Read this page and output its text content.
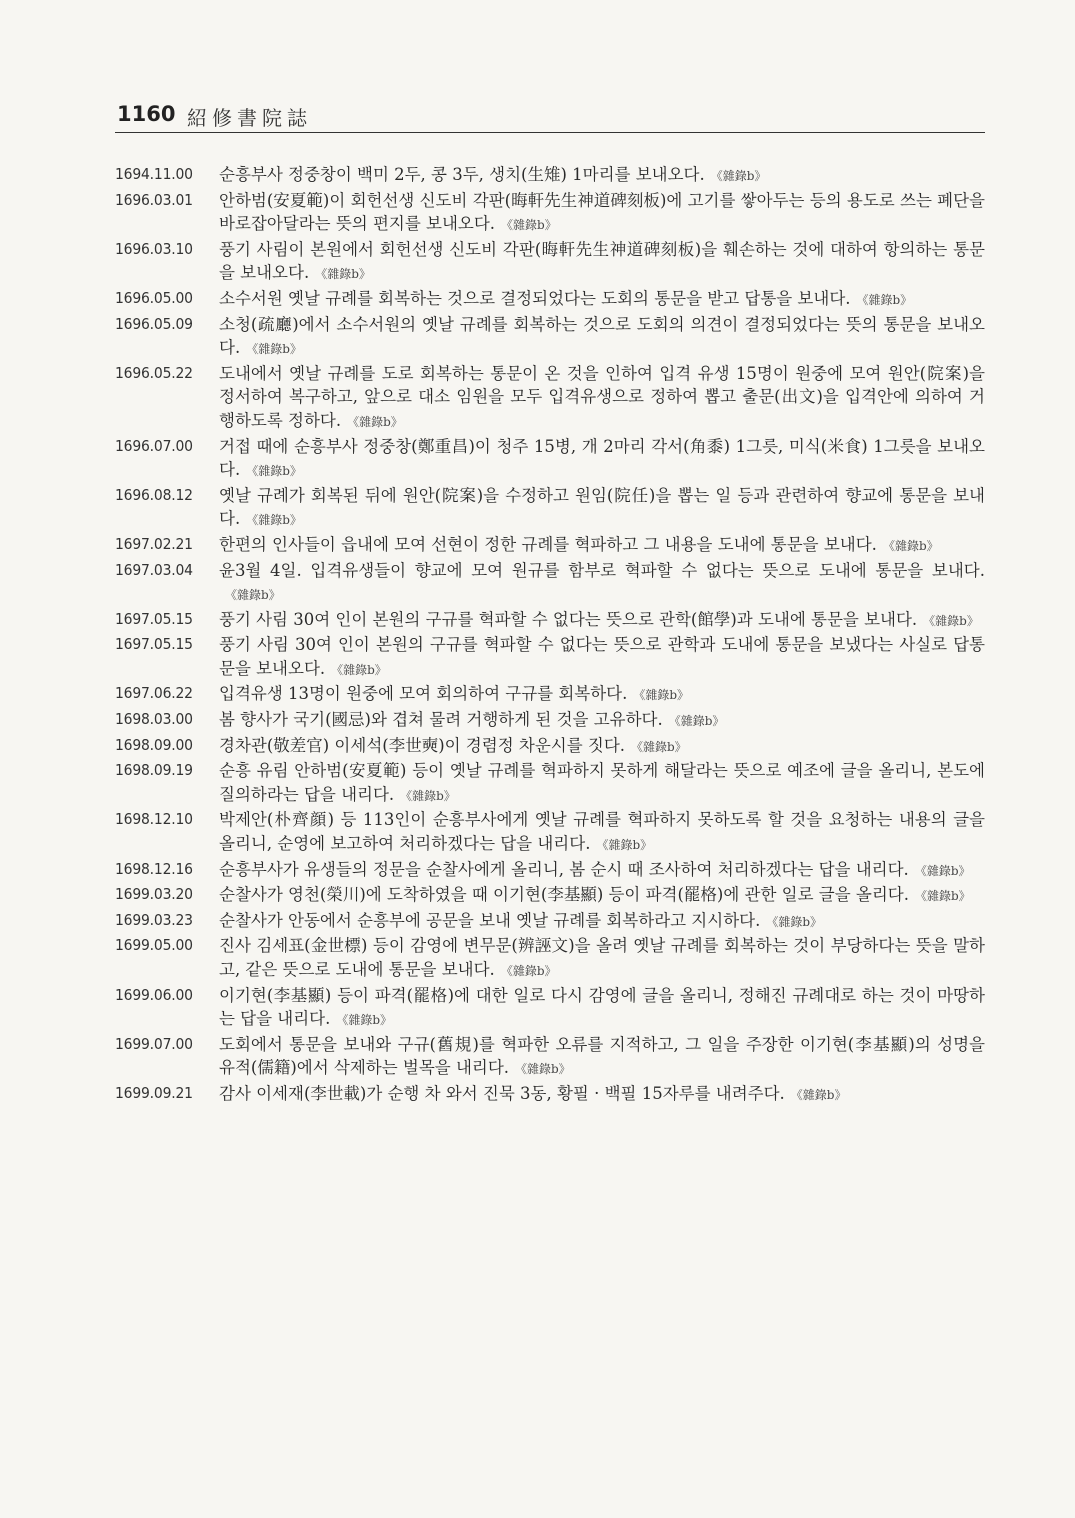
1160 紹修書院誌
1694.11.00	순흥부사 정중창이 백미 2두, 콩 3두, 생치(生雉) 1마리를 보내오다. 《雜錄b》
1696.03.01	안하범(安夏範)이 회헌선생 신도비 각판(晦軒先生神道碑刻板)에 고기를 쌓아두는 등의 용도로 쓰는 폐단을 바로잡아달라는 뜻의 편지를 보내오다. 《雜錄b》
1696.03.10	풍기 사림이 본원에서 회헌선생 신도비 각판(晦軒先生神道碑刻板)을 훼손하는 것에 대하여 항의하는 통문을 보내오다. 《雜錄b》
1696.05.00	소수서원 옛날 규례를 회복하는 것으로 결정되었다는 도회의 통문을 받고 답통을 보내다. 《雜錄b》
1696.05.09	소청(疏廳)에서 소수서원의 옛날 규례를 회복하는 것으로 도회의 의견이 결정되었다는 뜻의 통문을 보내오다. 《雜錄b》
1696.05.22	도내에서 옛날 규례를 도로 회복하는 통문이 온 것을 인하여 입격 유생 15명이 원중에 모여 원안(院案)을 정서하여 복구하고, 앞으로 대소 임원을 모두 입격유생으로 정하여 뽑고 출문(出文)을 입격안에 의하여 거행하도록 정하다. 《雜錄b》
1696.07.00	거접 때에 순흥부사 정중창(鄭重昌)이 청주 15병, 개 2마리 각서(角黍) 1그릇, 미식(米食) 1그릇을 보내오다. 《雜錄b》
1696.08.12	옛날 규례가 회복된 뒤에 원안(院案)을 수정하고 원임(院任)을 뽑는 일 등과 관련하여 향교에 통문을 보내다. 《雜錄b》
1697.02.21	한편의 인사들이 읍내에 모여 선현이 정한 규례를 혁파하고 그 내용을 도내에 통문을 보내다. 《雜錄b》
1697.03.04	윤3월 4일. 입격유생들이 향교에 모여 원규를 함부로 혁파할 수 없다는 뜻으로 도내에 통문을 보내다.《雜錄b》
1697.05.15	풍기 사림 30여 인이 본원의 구규를 혁파할 수 없다는 뜻으로 관학(館學)과 도내에 통문을 보내다. 《雜錄b》
1697.05.15	풍기 사림 30여 인이 본원의 구규를 혁파할 수 없다는 뜻으로 관학과 도내에 통문을 보냈다는 사실로 답통문을 보내오다. 《雜錄b》
1697.06.22	입격유생 13명이 원중에 모여 회의하여 구규를 회복하다. 《雜錄b》
1698.03.00	봄 향사가 국기(國忌)와 겹쳐 물려 거행하게 된 것을 고유하다. 《雜錄b》
1698.09.00	경차관(敬差官) 이세석(李世奭)이 경렴정 차운시를 짓다. 《雜錄b》
1698.09.19	순흥 유림 안하범(安夏範) 등이 옛날 규례를 혁파하지 못하게 해달라는 뜻으로 예조에 글을 올리니, 본도에 질의하라는 답을 내리다. 《雜錄b》
1698.12.10	박제안(朴齊顔) 등 113인이 순흥부사에게 옛날 규례를 혁파하지 못하도록 할 것을 요청하는 내용의 글을 올리니, 순영에 보고하여 처리하겠다는 답을 내리다. 《雜錄b》
1698.12.16	순흥부사가 유생들의 정문을 순찰사에게 올리니, 봄 순시 때 조사하여 처리하겠다는 답을 내리다. 《雜錄b》
1699.03.20	순찰사가 영천(榮川)에 도착하였을 때 이기현(李基顯) 등이 파격(罷格)에 관한 일로 글을 올리다. 《雜錄b》
1699.03.23	순찰사가 안동에서 순흥부에 공문을 보내 옛날 규례를 회복하라고 지시하다. 《雜錄b》
1699.05.00	진사 김세표(金世標) 등이 감영에 변무문(辨誣文)을 올려 옛날 규례를 회복하는 것이 부당하다는 뜻을 말하고, 같은 뜻으로 도내에 통문을 보내다. 《雜錄b》
1699.06.00	이기현(李基顯) 등이 파격(罷格)에 대한 일로 다시 감영에 글을 올리니, 정해진 규례대로 하는 것이 마땅하는 답을 내리다. 《雜錄b》
1699.07.00	도회에서 통문을 보내와 구규(舊規)를 혁파한 오류를 지적하고, 그 일을 주장한 이기현(李基顯)의 성명을 유적(儒籍)에서 삭제하는 벌목을 내리다. 《雜錄b》
1699.09.21	감사 이세재(李世載)가 순행 차 와서 진묵 3동, 황필 · 백필 15자루를 내려주다. 《雜錄b》
